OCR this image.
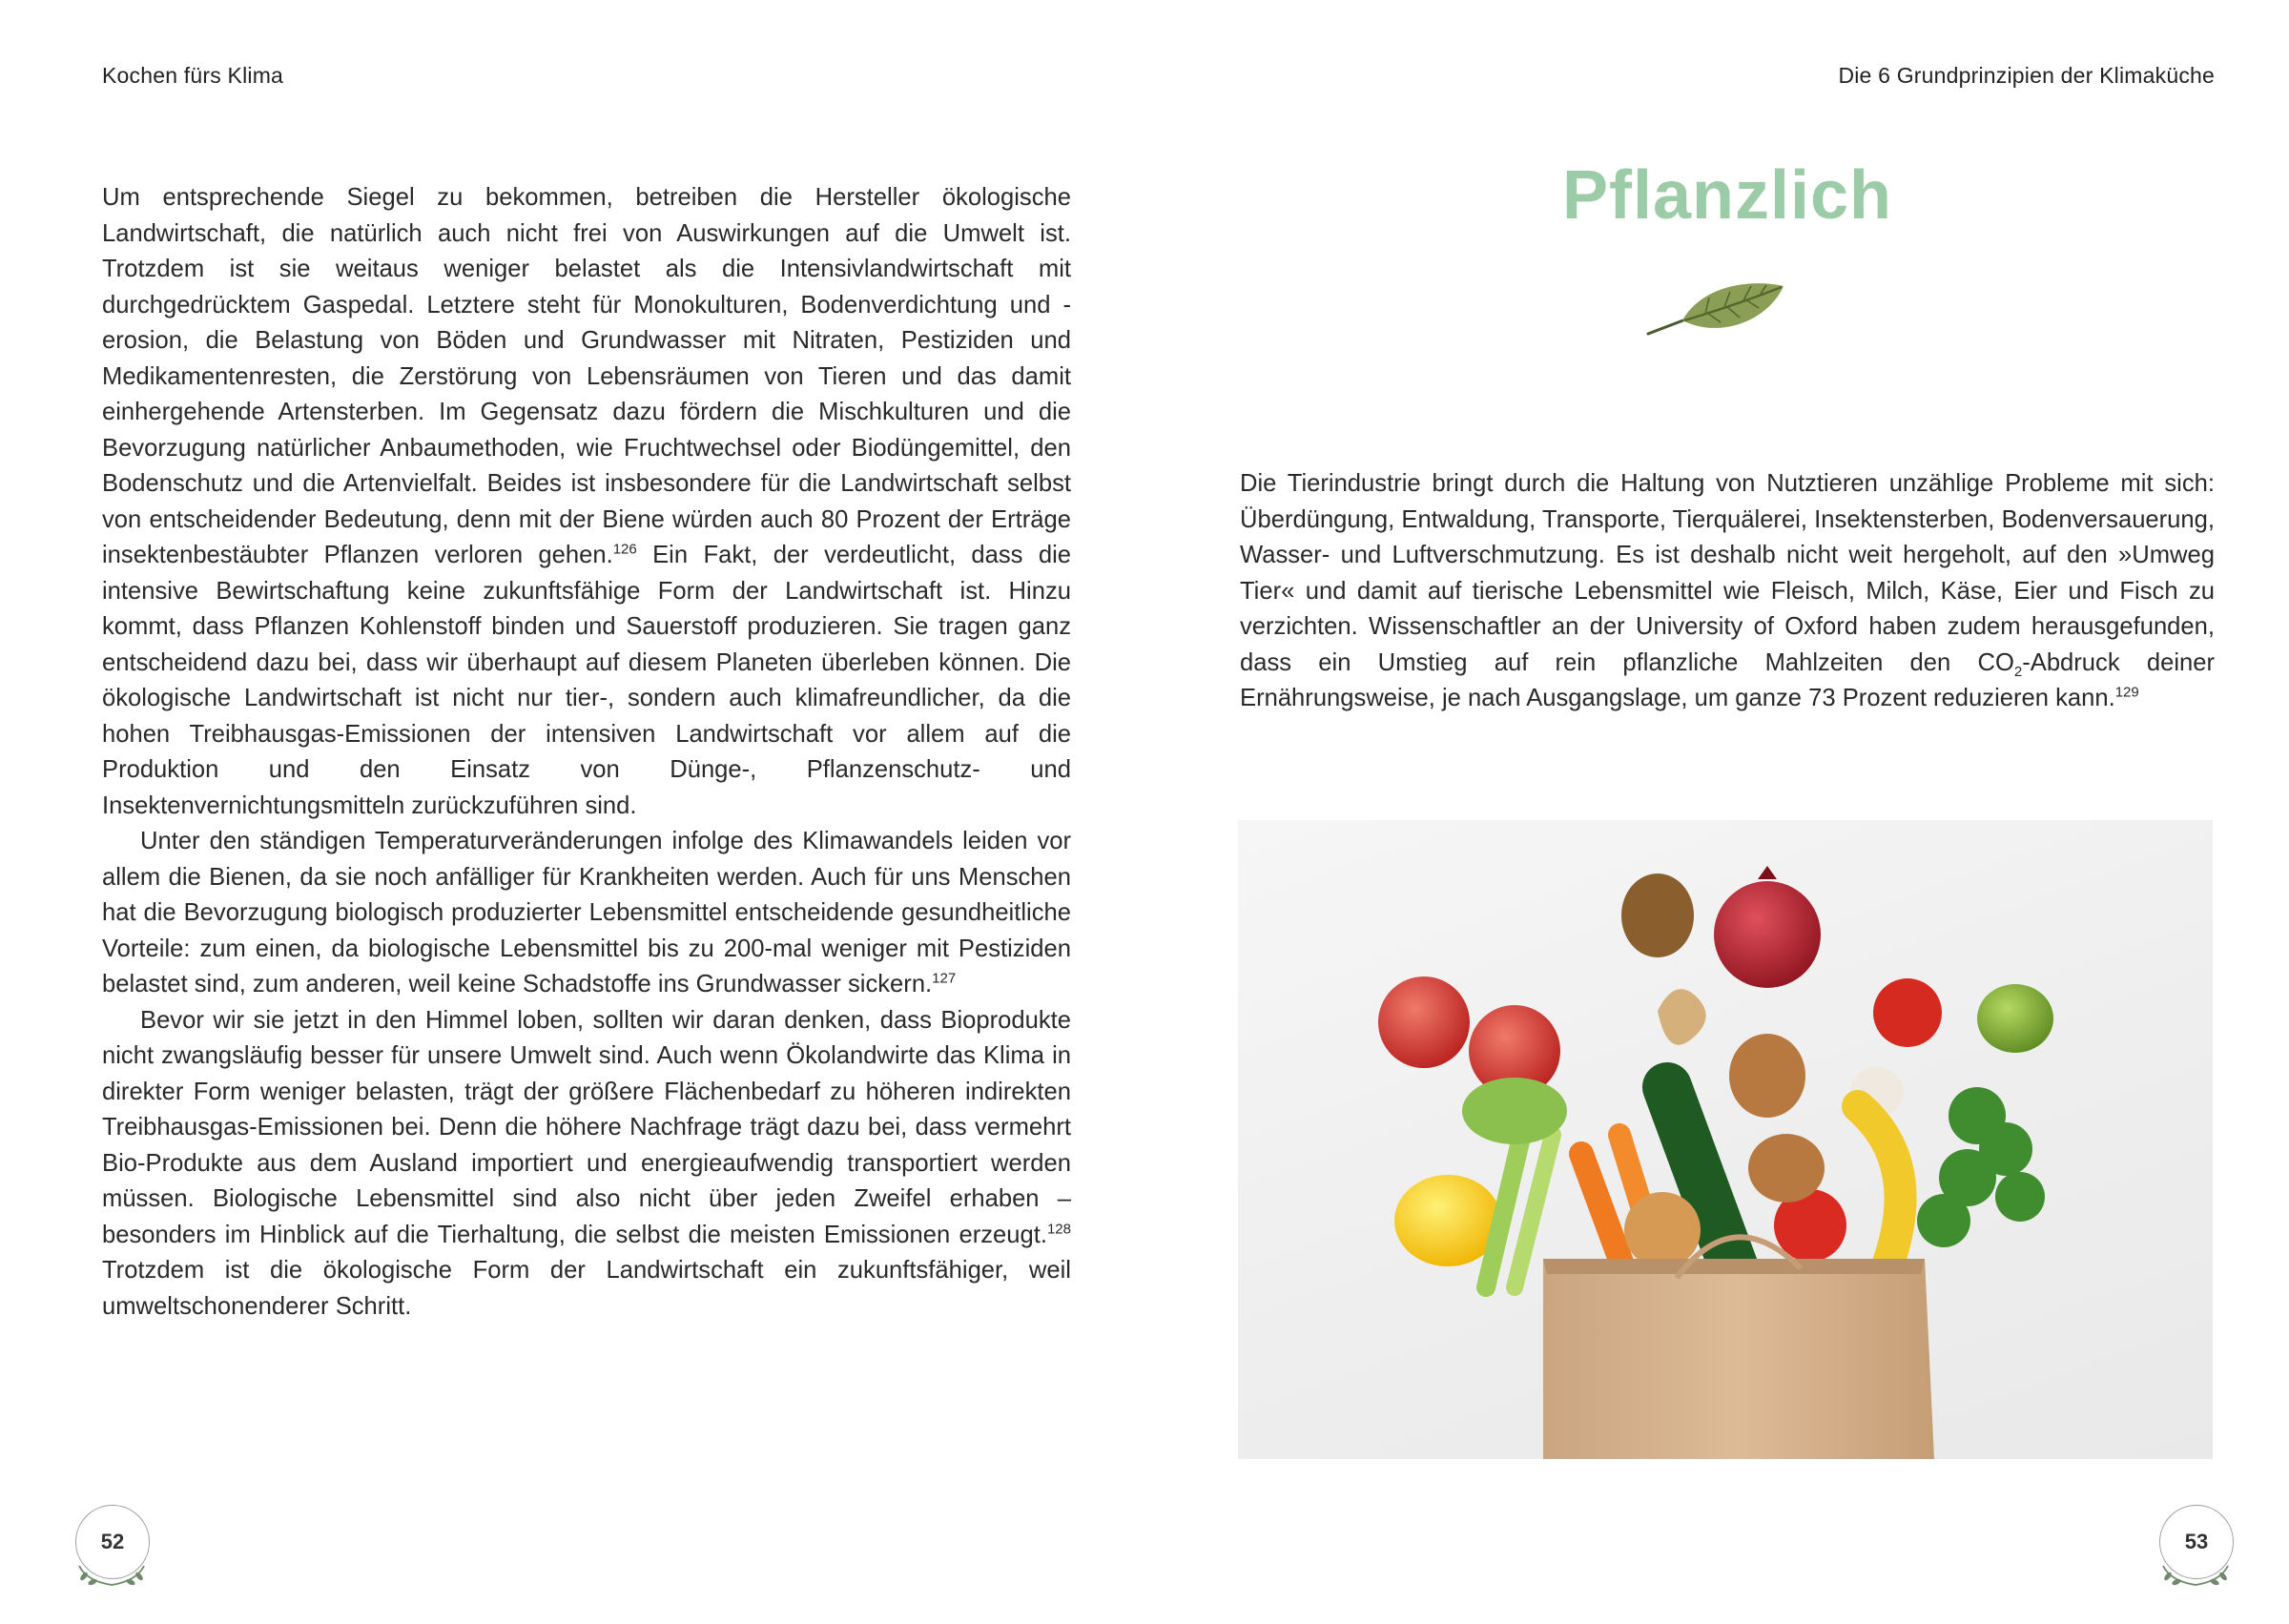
Kochen fürs Klima	Die 6 Grundprinzipien der Klimaküche

Um entsprechende Siegel zu bekommen, betreiben die Hersteller ökologische Landwirtschaft, die natürlich auch nicht frei von Auswirkungen auf die Umwelt ist. Trotzdem ist sie weitaus weniger belastet als die Intensivlandwirtschaft mit durchgedrücktem Gaspedal. Letztere steht für Monokulturen, Bodenverdichtung und -erosion, die Belastung von Böden und Grundwasser mit Nitraten, Pestiziden und Medikamentenresten, die Zerstörung von Lebensräumen von Tieren und das damit einhergehende Artensterben. Im Gegensatz dazu fördern die Mischkulturen und die Bevorzugung natürlicher Anbaumethoden, wie Fruchtwechsel oder Biodüngemittel, den Bodenschutz und die Artenvielfalt. Beides ist insbesondere für die Landwirtschaft selbst von entscheidender Bedeutung, denn mit der Biene würden auch 80 Prozent der Erträge insektenbestäubter Pflanzen verloren gehen.$^{126}$ Ein Fakt, der verdeutlicht, dass die intensive Bewirtschaftung keine zukunftsfähige Form der Landwirtschaft ist. Hinzu kommt, dass Pflanzen Kohlenstoff binden und Sauerstoff produzieren. Sie tragen ganz entscheidend dazu bei, dass wir überhaupt auf diesem Planeten überleben können. Die ökologische Landwirtschaft ist nicht nur tier-, sondern auch klimafreundlicher, da die hohen Treibhausgas-Emissionen der intensiven Landwirtschaft vor allem auf die Produktion und den Einsatz von Dünge-, Pflanzenschutz- und Insektenvernichtungsmitteln zurückzuführen sind.

Unter den ständigen Temperaturveränderungen infolge des Klimawandels leiden vor allem die Bienen, da sie noch anfälliger für Krankheiten werden. Auch für uns Menschen hat die Bevorzugung biologisch produzierter Lebensmittel entscheidende gesundheitliche Vorteile: zum einen, da biologische Lebensmittel bis zu 200-mal weniger mit Pestiziden belastet sind, zum anderen, weil keine Schadstoffe ins Grundwasser sickern.$^{127}$

Bevor wir sie jetzt in den Himmel loben, sollten wir daran denken, dass Bioprodukte nicht zwangsläufig besser für unsere Umwelt sind. Auch wenn Ökolandwirte das Klima in direkter Form weniger belasten, trägt der größere Flächenbedarf zu höheren indirekten Treibhausgas-Emissionen bei. Denn die höhere Nachfrage trägt dazu bei, dass vermehrt Bio-Produkte aus dem Ausland importiert und energieaufwendig transportiert werden müssen. Biologische Lebensmittel sind also nicht über jeden Zweifel erhaben – besonders im Hinblick auf die Tierhaltung, die selbst die meisten Emissionen erzeugt.$^{128}$ Trotzdem ist die ökologische Form der Landwirtschaft ein zukunftsfähiger, weil umweltschonenderer Schritt.

52
Pflanzlich

Die Tierindustrie bringt durch die Haltung von Nutztieren unzählige Probleme mit sich: Überdüngung, Entwaldung, Transporte, Tierquälerei, Insektensterben, Bodenversauerung, Wasser- und Luftverschmutzung. Es ist deshalb nicht weit hergeholt, auf den »Umweg Tier« und damit auf tierische Lebensmittel wie Fleisch, Milch, Käse, Eier und Fisch zu verzichten. Wissenschaftler an der University of Oxford haben zudem herausgefunden, dass ein Umstieg auf rein pflanzliche Mahlzeiten den $CO_2$-Abdruck deiner Ernährungsweise, je nach Ausgangslage, um ganze 73 Prozent reduzieren kann.$^{129}$

53
